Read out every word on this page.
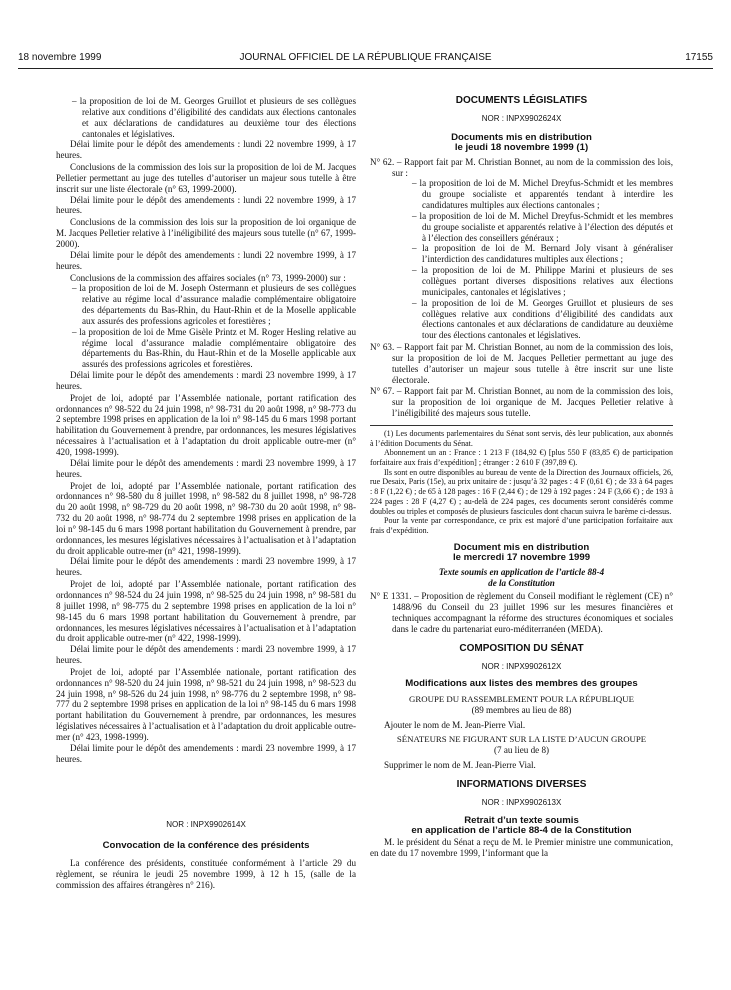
18 novembre 1999	JOURNAL OFFICIEL DE LA RÉPUBLIQUE FRANÇAISE	17155

– la proposition de loi de M. Georges Gruillot et plusieurs de ses collègues relative aux conditions d’éligibilité des candidats aux élections cantonales et aux déclarations de candidatures au deuxième tour des élections cantonales et législatives.

Délai limite pour le dépôt des amendements : lundi 22 novembre 1999, à 17 heures.

Conclusions de la commission des lois sur la proposition de loi de M. Jacques Pelletier permettant au juge des tutelles d’autoriser un majeur sous tutelle à être inscrit sur une liste électorale (n° 63, 1999-2000).

Délai limite pour le dépôt des amendements : lundi 22 novembre 1999, à 17 heures.

Conclusions de la commission des lois sur la proposition de loi organique de M. Jacques Pelletier relative à l’inéligibilité des majeurs sous tutelle (n° 67, 1999-2000).

Délai limite pour le dépôt des amendements : lundi 22 novembre 1999, à 17 heures.

Conclusions de la commission des affaires sociales (n° 73, 1999-2000) sur :

– la proposition de loi de M. Joseph Ostermann et plusieurs de ses collègues relative au régime local d’assurance maladie complémentaire obligatoire des départements du Bas-Rhin, du Haut-Rhin et de la Moselle applicable aux assurés des professions agricoles et forestières ;

– la proposition de loi de Mme Gisèle Printz et M. Roger Hesling relative au régime local d’assurance maladie complémentaire obligatoire des départements du Bas-Rhin, du Haut-Rhin et de la Moselle applicable aux assurés des professions agricoles et forestières.

Délai limite pour le dépôt des amendements : mardi 23 novembre 1999, à 17 heures.

Projet de loi, adopté par l’Assemblée nationale, portant ratification des ordonnances n° 98-522 du 24 juin 1998, n° 98-731 du 20 août 1998, n° 98-773 du 2 septembre 1998 prises en application de la loi n° 98-145 du 6 mars 1998 portant habilitation du Gouvernement à prendre, par ordonnances, les mesures législatives nécessaires à l’actualisation et à l’adaptation du droit applicable outre-mer (n° 420, 1998-1999).

Délai limite pour le dépôt des amendements : mardi 23 novembre 1999, à 17 heures.

Projet de loi, adopté par l’Assemblée nationale, portant ratification des ordonnances n° 98-580 du 8 juillet 1998, n° 98-582 du 8 juillet 1998, n° 98-728 du 20 août 1998, n° 98-729 du 20 août 1998, n° 98-730 du 20 août 1998, n° 98-732 du 20 août 1998, n° 98-774 du 2 septembre 1998 prises en application de la loi n° 98-145 du 6 mars 1998 portant habilitation du Gouvernement à prendre, par ordonnances, les mesures législatives nécessaires à l’actualisation et à l’adaptation du droit applicable outre-mer (n° 421, 1998-1999).

Délai limite pour le dépôt des amendements : mardi 23 novembre 1999, à 17 heures.

Projet de loi, adopté par l’Assemblée nationale, portant ratification des ordonnances n° 98-524 du 24 juin 1998, n° 98-525 du 24 juin 1998, n° 98-581 du 8 juillet 1998, n° 98-775 du 2 septembre 1998 prises en application de la loi n° 98-145 du 6 mars 1998 portant habilitation du Gouvernement à prendre, par ordonnances, les mesures législatives nécessaires à l’actualisation et à l’adaptation du droit applicable outre-mer (n° 422, 1998-1999).

Délai limite pour le dépôt des amendements : mardi 23 novembre 1999, à 17 heures.

Projet de loi, adopté par l’Assemblée nationale, portant ratification des ordonnances n° 98-520 du 24 juin 1998, n° 98-521 du 24 juin 1998, n° 98-523 du 24 juin 1998, n° 98-526 du 24 juin 1998, n° 98-776 du 2 septembre 1998, n° 98-777 du 2 septembre 1998 prises en application de la loi n° 98-145 du 6 mars 1998 portant habilitation du Gouvernement à prendre, par ordonnances, les mesures législatives nécessaires à l’actualisation et à l’adaptation du droit applicable outre-mer (n° 423, 1998-1999).

Délai limite pour le dépôt des amendements : mardi 23 novembre 1999, à 17 heures.

NOR : INPX9902614X

Convocation de la conférence des présidents

La conférence des présidents, constituée conformément à l’article 29 du règlement, se réunira le jeudi 25 novembre 1999, à 12 h 15, (salle de la commission des affaires étrangères n° 216).

DOCUMENTS LÉGISLATIFS

NOR : INPX9902624X

Documents mis en distribution

le jeudi 18 novembre 1999 (1)

N° 62. – Rapport fait par M. Christian Bonnet, au nom de la commission des lois, sur :

– la proposition de loi de M. Michel Dreyfus-Schmidt et les membres du groupe socialiste et apparentés tendant à interdire les candidatures multiples aux élections cantonales ;

– la proposition de loi de M. Michel Dreyfus-Schmidt et les membres du groupe socialiste et apparentés relative à l’élection des députés et à l’élection des conseillers généraux ;

– la proposition de loi de M. Bernard Joly visant à généraliser l’interdiction des candidatures multiples aux élections ;

– la proposition de loi de M. Philippe Marini et plusieurs de ses collègues portant diverses dispositions relatives aux élections municipales, cantonales et législatives ;

– la proposition de loi de M. Georges Gruillot et plusieurs de ses collègues relative aux conditions d’éligibilité des candidats aux élections cantonales et aux déclarations de candidature au deuxième tour des élections cantonales et législatives.

N° 63. – Rapport fait par M. Christian Bonnet, au nom de la commission des lois, sur la proposition de loi de M. Jacques Pelletier permettant au juge des tutelles d’autoriser un majeur sous tutelle à être inscrit sur une liste électorale.

N° 67. – Rapport fait par M. Christian Bonnet, au nom de la commission des lois, sur la proposition de loi organique de M. Jacques Pelletier relative à l’inéligibilité des majeurs sous tutelle.

(1) Les documents parlementaires du Sénat sont servis, dès leur publication, aux abonnés à l’édition Documents du Sénat.

Abonnement un an : France : 1 213 F (184,92 €) [plus 550 F (83,85 €) de participation forfaitaire aux frais d’expédition] ; étranger : 2 610 F (397,89 €).

Ils sont en outre disponibles au bureau de vente de la Direction des Journaux officiels, 26, rue Desaix, Paris (15e), au prix unitaire de : jusqu’à 32 pages : 4 F (0,61 €) ; de 33 à 64 pages : 8 F (1,22 €) ; de 65 à 128 pages : 16 F (2,44 €) ; de 129 à 192 pages : 24 F (3,66 €) ; de 193 à 224 pages : 28 F (4,27 €) ; au-delà de 224 pages, ces documents seront considérés comme doubles ou triples et composés de plusieurs fascicules dont chacun suivra le barème ci-dessus.

Pour la vente par correspondance, ce prix est majoré d’une participation forfaitaire aux frais d’expédition.

Document mis en distribution

le mercredi 17 novembre 1999

Texte soumis en application de l’article 88-4

de la Constitution

N° E 1331. – Proposition de règlement du Conseil modifiant le règlement (CE) n° 1488/96 du Conseil du 23 juillet 1996 sur les mesures financières et techniques accompagnant la réforme des structures économiques et sociales dans le cadre du partenariat euro-méditerranéen (MEDA).

COMPOSITION DU SÉNAT

NOR : INPX9902612X

Modifications aux listes des membres des groupes

GROUPE DU RASSEMBLEMENT POUR LA RÉPUBLIQUE

(89 membres au lieu de 88)

Ajouter le nom de M. Jean-Pierre Vial.

SÉNATEURS NE FIGURANT SUR LA LISTE D’AUCUN GROUPE

(7 au lieu de 8)

Supprimer le nom de M. Jean-Pierre Vial.

INFORMATIONS DIVERSES

NOR : INPX9902613X

Retrait d’un texte soumis

en application de l’article 88-4 de la Constitution

M. le président du Sénat a reçu de M. le Premier ministre une communication, en date du 17 novembre 1999, l’informant que la
